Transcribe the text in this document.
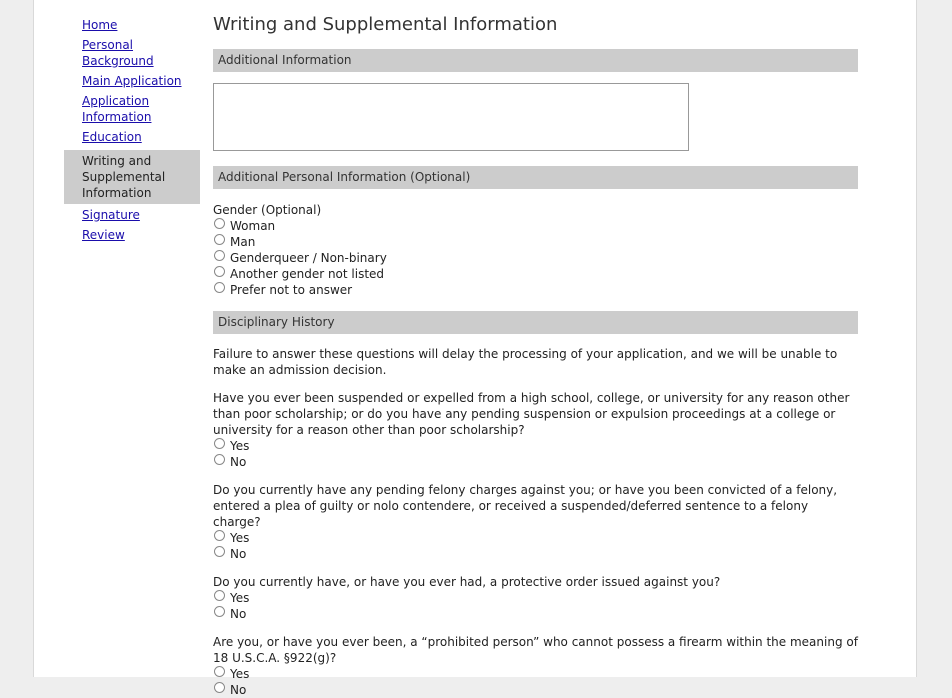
Home
Personal Background
Main Application
Application Information
Education
Writing and Supplemental Information
Signature
Review
Writing and Supplemental Information
Additional Information
Additional Personal Information (Optional)
Gender (Optional)
Woman
Man
Genderqueer / Non-binary
Another gender not listed
Prefer not to answer
Disciplinary History

Failure to answer these questions will delay the processing of your application, and we will be unable to make an admission decision.

Have you ever been suspended or expelled from a high school, college, or university for any reason other than poor scholarship; or do you have any pending suspension or expulsion proceedings at a college or university for a reason other than poor scholarship?

Yes
No

Do you currently have any pending felony charges against you; or have you been convicted of a felony, entered a plea of guilty or nolo contendere, or received a suspended/deferred sentence to a felony charge?

Yes
No

Do you currently have, or have you ever had, a protective order issued against you?

Yes
No

Are you, or have you ever been, a “prohibited person” who cannot possess a firearm within the meaning of 18 U.S.C.A. §922(g)?

Yes
No
